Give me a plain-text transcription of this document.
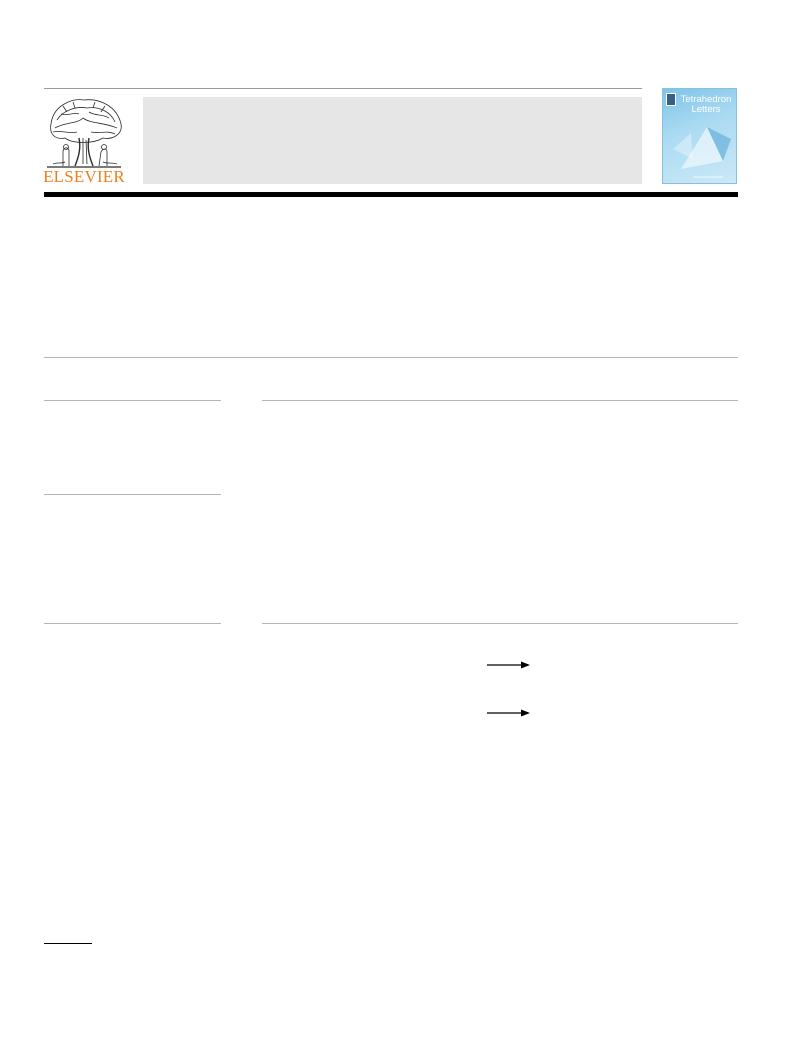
ELSEVIER
Tetrahedron Letters
